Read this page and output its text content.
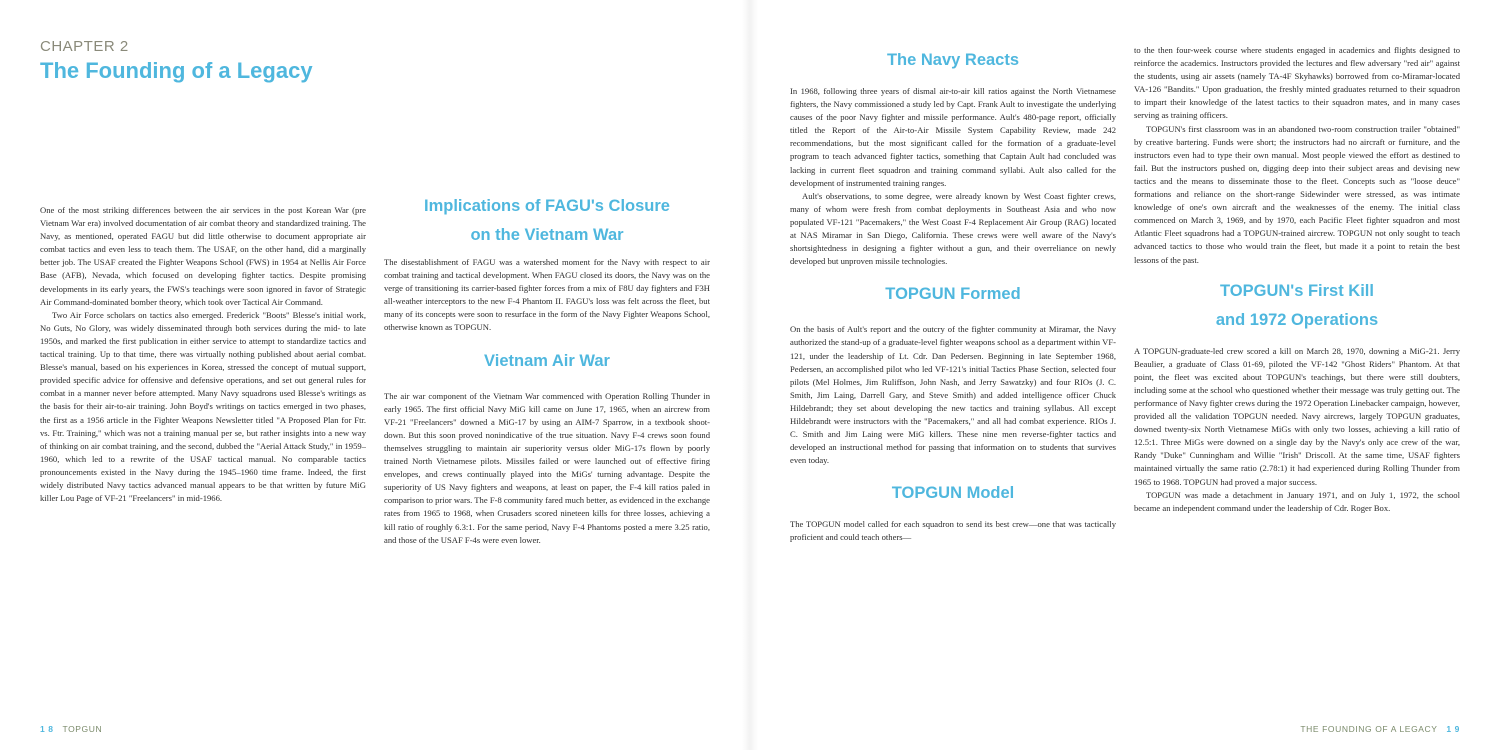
CHAPTER 2
The Founding of a Legacy

One of the most striking differences between the air services in the post Korean War (pre Vietnam War era) involved documentation of air combat theory and standardized training. The Navy, as mentioned, operated FAGU but did little otherwise to document appropriate air combat tactics and even less to teach them. The USAF, on the other hand, did a marginally better job. The USAF created the Fighter Weapons School (FWS) in 1954 at Nellis Air Force Base (AFB), Nevada, which focused on developing fighter tactics. Despite promising developments in its early years, the FWS's teachings were soon ignored in favor of Strategic Air Command-dominated bomber theory, which took over Tactical Air Command.

Two Air Force scholars on tactics also emerged. Frederick "Boots" Blesse's initial work, No Guts, No Glory, was widely disseminated through both services during the mid- to late 1950s, and marked the first publication in either service to attempt to standardize tactics and tactical training. Up to that time, there was virtually nothing published about aerial combat. Blesse's manual, based on his experiences in Korea, stressed the concept of mutual support, provided specific advice for offensive and defensive operations, and set out general rules for combat in a manner never before attempted. Many Navy squadrons used Blesse's writings as the basis for their air-to-air training. John Boyd's writings on tactics emerged in two phases, the first as a 1956 article in the Fighter Weapons Newsletter titled "A Proposed Plan for Ftr. vs. Ftr. Training," which was not a training manual per se, but rather insights into a new way of thinking on air combat training, and the second, dubbed the "Aerial Attack Study," in 1959–1960, which led to a rewrite of the USAF tactical manual. No comparable tactics pronouncements existed in the Navy during the 1945–1960 time frame. Indeed, the first widely distributed Navy tactics advanced manual appears to be that written by future MiG killer Lou Page of VF-21 "Freelancers" in mid-1966.

Implications of FAGU's Closure on the Vietnam War

The disestablishment of FAGU was a watershed moment for the Navy with respect to air combat training and tactical development. When FAGU closed its doors, the Navy was on the verge of transitioning its carrier-based fighter forces from a mix of F8U day fighters and F3H all-weather interceptors to the new F-4 Phantom II. FAGU's loss was felt across the fleet, but many of its concepts were soon to resurface in the form of the Navy Fighter Weapons School, otherwise known as TOPGUN.

Vietnam Air War

The air war component of the Vietnam War commenced with Operation Rolling Thunder in early 1965. The first official Navy MiG kill came on June 17, 1965, when an aircrew from VF-21 "Freelancers" downed a MiG-17 by using an AIM-7 Sparrow, in a textbook shoot-down. But this soon proved nonindicative of the true situation. Navy F-4 crews soon found themselves struggling to maintain air superiority versus older MiG-17s flown by poorly trained North Vietnamese pilots. Missiles failed or were launched out of effective firing envelopes, and crews continually played into the MiGs' turning advantage. Despite the superiority of US Navy fighters and weapons, at least on paper, the F-4 kill ratios paled in comparison to prior wars. The F-8 community fared much better, as evidenced in the exchange rates from 1965 to 1968, when Crusaders scored nineteen kills for three losses, achieving a kill ratio of roughly 6.3:1. For the same period, Navy F-4 Phantoms posted a mere 3.25 ratio, and those of the USAF F-4s were even lower.

1 8 TOPGUN
The Navy Reacts

In 1968, following three years of dismal air-to-air kill ratios against the North Vietnamese fighters, the Navy commissioned a study led by Capt. Frank Ault to investigate the underlying causes of the poor Navy fighter and missile performance. Ault's 480-page report, officially titled the Report of the Air-to-Air Missile System Capability Review, made 242 recommendations, but the most significant called for the formation of a graduate-level program to teach advanced fighter tactics, something that Captain Ault had concluded was lacking in current fleet squadron and training command syllabi. Ault also called for the development of instrumented training ranges.

Ault's observations, to some degree, were already known by West Coast fighter crews, many of whom were fresh from combat deployments in Southeast Asia and who now populated VF-121 "Pacemakers," the West Coast F-4 Replacement Air Group (RAG) located at NAS Miramar in San Diego, California. These crews were well aware of the Navy's shortsightedness in designing a fighter without a gun, and their overreliance on newly developed but unproven missile technologies.

TOPGUN Formed

On the basis of Ault's report and the outcry of the fighter community at Miramar, the Navy authorized the stand-up of a graduate-level fighter weapons school as a department within VF-121, under the leadership of Lt. Cdr. Dan Pedersen. Beginning in late September 1968, Pedersen, an accomplished pilot who led VF-121's initial Tactics Phase Section, selected four pilots (Mel Holmes, Jim Ruliffson, John Nash, and Jerry Sawatzky) and four RIOs (J. C. Smith, Jim Laing, Darrell Gary, and Steve Smith) and added intelligence officer Chuck Hildebrandt; they set about developing the new tactics and training syllabus. All except Hildebrandt were instructors with the "Pacemakers," and all had combat experience. RIOs J. C. Smith and Jim Laing were MiG killers. These nine men reverse-fighter tactics and developed an instructional method for passing that information on to students that survives even today.

TOPGUN Model

The TOPGUN model called for each squadron to send its best crew—one that was tactically proficient and could teach others—

to the then four-week course where students engaged in academics and flights designed to reinforce the academics. Instructors provided the lectures and flew adversary "red air" against the students, using air assets (namely TA-4F Skyhawks) borrowed from co-Miramar-located VA-126 "Bandits." Upon graduation, the freshly minted graduates returned to their squadron to impart their knowledge of the latest tactics to their squadron mates, and in many cases serving as training officers.

TOPGUN's first classroom was in an abandoned two-room construction trailer "obtained" by creative bartering. Funds were short; the instructors had no aircraft or furniture, and the instructors even had to type their own manual. Most people viewed the effort as destined to fail. But the instructors pushed on, digging deep into their subject areas and devising new tactics and the means to disseminate those to the fleet. Concepts such as "loose deuce" formations and reliance on the short-range Sidewinder were stressed, as was intimate knowledge of one's own aircraft and the weaknesses of the enemy. The initial class commenced on March 3, 1969, and by 1970, each Pacific Fleet fighter squadron and most Atlantic Fleet squadrons had a TOPGUN-trained aircrew. TOPGUN not only sought to teach advanced tactics to those who would train the fleet, but made it a point to retain the best lessons of the past.

TOPGUN's First Kill and 1972 Operations

A TOPGUN-graduate-led crew scored a kill on March 28, 1970, downing a MiG-21. Jerry Beaulier, a graduate of Class 01-69, piloted the VF-142 "Ghost Riders" Phantom. At that point, the fleet was excited about TOPGUN's teachings, but there were still doubters, including some at the school who questioned whether their message was truly getting out. The performance of Navy fighter crews during the 1972 Operation Linebacker campaign, however, provided all the validation TOPGUN needed. Navy aircrews, largely TOPGUN graduates, downed twenty-six North Vietnamese MiGs with only two losses, achieving a kill ratio of 12.5:1. Three MiGs were downed on a single day by the Navy's only ace crew of the war, Randy "Duke" Cunningham and Willie "Irish" Driscoll. At the same time, USAF fighters maintained virtually the same ratio (2.78:1) it had experienced during Rolling Thunder from 1965 to 1968. TOPGUN had proved a major success.

TOPGUN was made a detachment in January 1971, and on July 1, 1972, the school became an independent command under the leadership of Cdr. Roger Box.

THE FOUNDING OF A LEGACY 1 9
